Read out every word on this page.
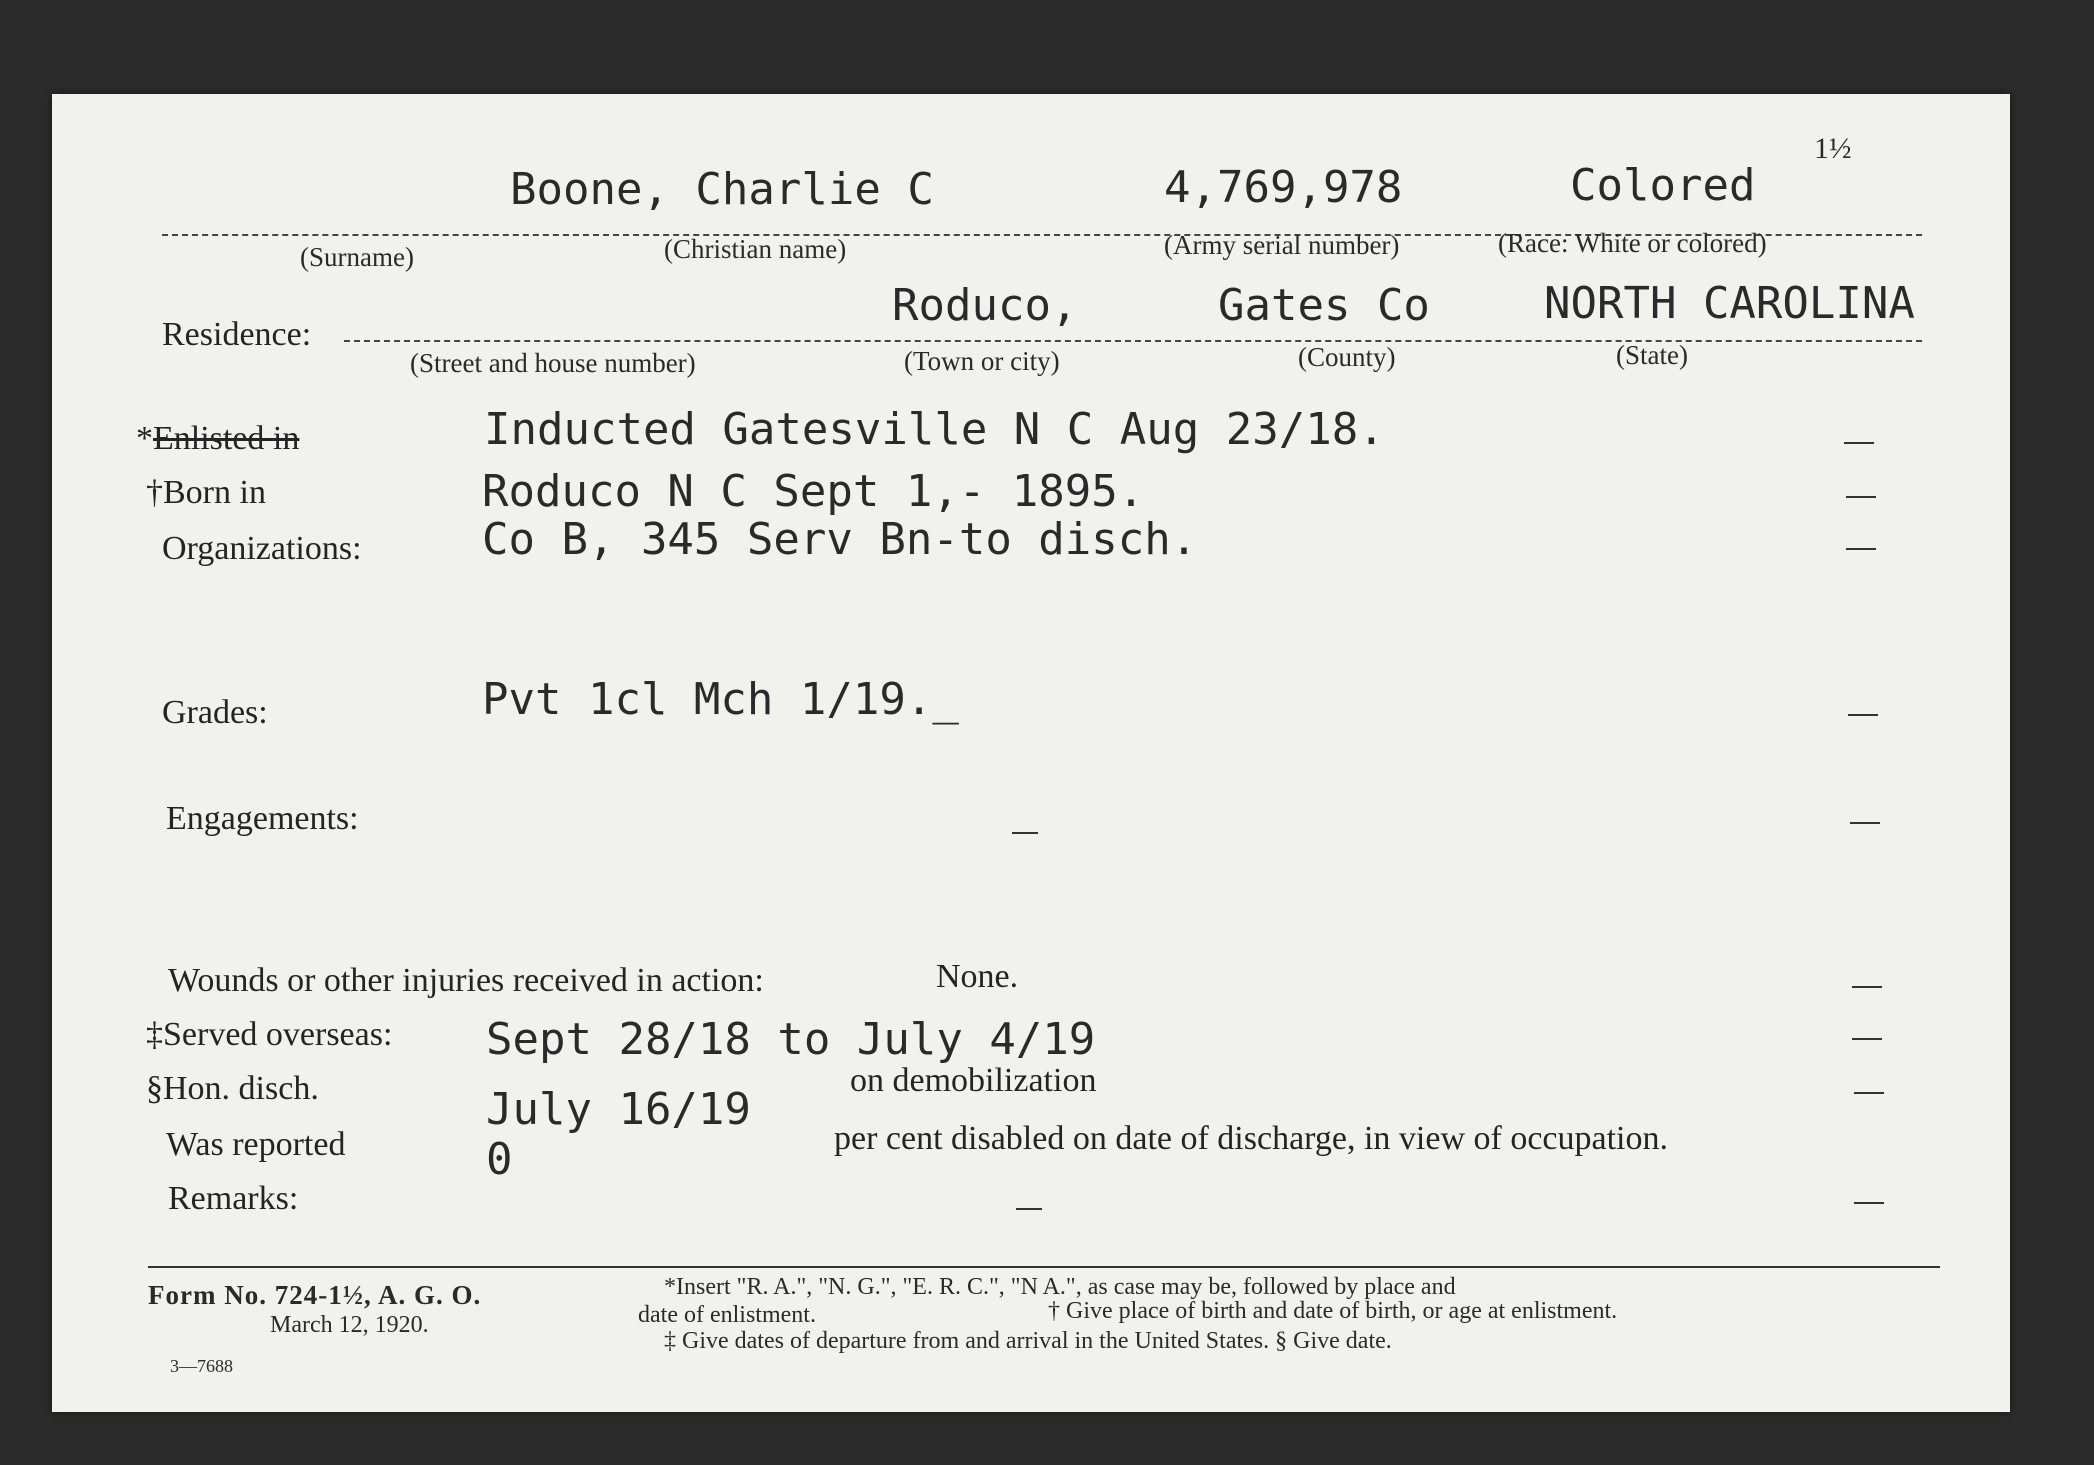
1½
Boone, Charlie C	4,769,978	Colored
(Surname)	(Christian name)	(Army serial number)	(Race: White or colored)
Residence:
Roduco,	Gates Co	NORTH CAROLINA
(Street and house number)	(Town or city)	(County)	(State)
*Enlisted in	Inducted Gatesville N C Aug 23/18.
†Born in	Roduco N C Sept 1,- 1895.
Organizations:	Co B, 345 Serv Bn-to disch.
Grades:	Pvt 1cl Mch 1/19._
Engagements:
Wounds or other injuries received in action:	None.
‡Served overseas: Sept 28/18 to July 4/19
§Hon. disch.	July 16/19
on demobilization
Was reported	0	per cent disabled on date of discharge, in view of occupation.
Remarks:
Form No. 724-1½, A. G. O.
March 12, 1920.
3—7688
*Insert "R. A.", "N. G.", "E. R. C.", "N A.", as case may be, followed by place and
date of enlistment.	† Give place of birth and date of birth, or age at enlistment.
‡ Give dates of departure from and arrival in the United States. § Give date.
